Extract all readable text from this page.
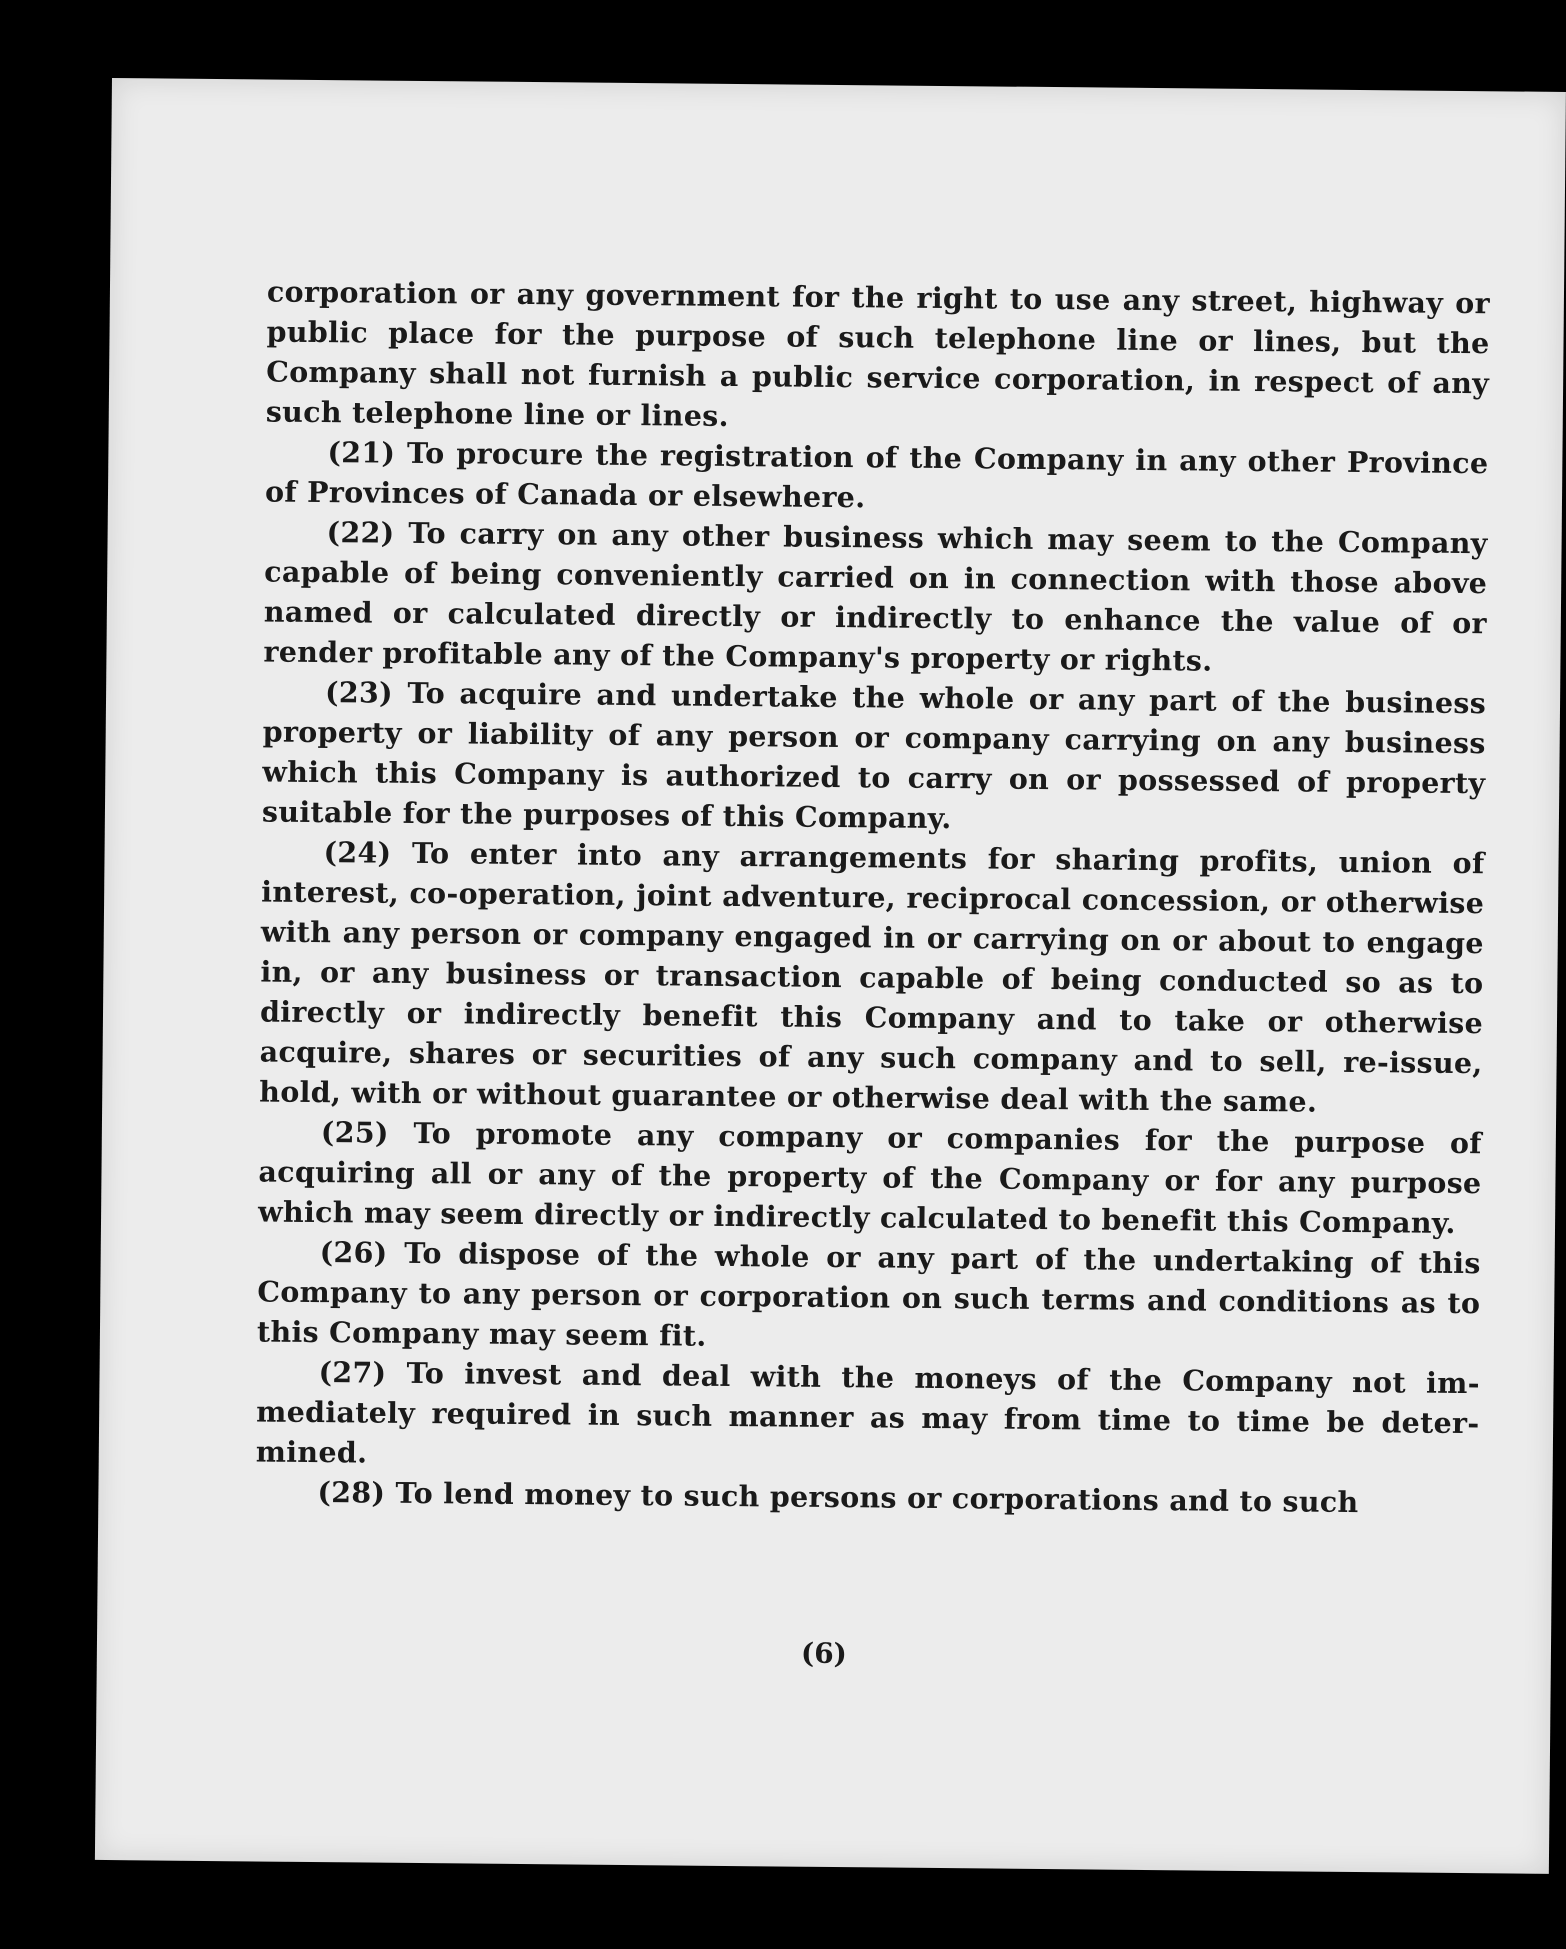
corporation or any government for the right to use any street, highway or public place for the purpose of such telephone line or lines, but the Company shall not furnish a public service corporation, in respect of any such telephone line or lines.

(21) To procure the registration of the Company in any other Province of Provinces of Canada or elsewhere.

(22) To carry on any other business which may seem to the Company capable of being conveniently carried on in connection with those above named or calculated directly or indirectly to enhance the value of or render profitable any of the Company's property or rights.

(23) To acquire and undertake the whole or any part of the business property or liability of any person or company carrying on any business which this Company is authorized to carry on or possessed of property suitable for the purposes of this Company.

(24) To enter into any arrangements for sharing profits, union of interest, co-operation, joint adventure, reciprocal concession, or otherwise with any person or company engaged in or carrying on or about to engage in, or any business or transaction capable of being conducted so as to directly or indirectly benefit this Company and to take or otherwise acquire, shares or securities of any such company and to sell, re-issue, hold, with or without guarantee or otherwise deal with the same.

(25) To promote any company or companies for the purpose of acquiring all or any of the property of the Company or for any purpose which may seem directly or indirectly calculated to benefit this Company.

(26) To dispose of the whole or any part of the undertaking of this Company to any person or corporation on such terms and conditions as to this Company may seem fit.

(27) To invest and deal with the moneys of the Company not immediately required in such manner as may from time to time be determined.

(28) To lend money to such persons or corporations and to such

(6)
